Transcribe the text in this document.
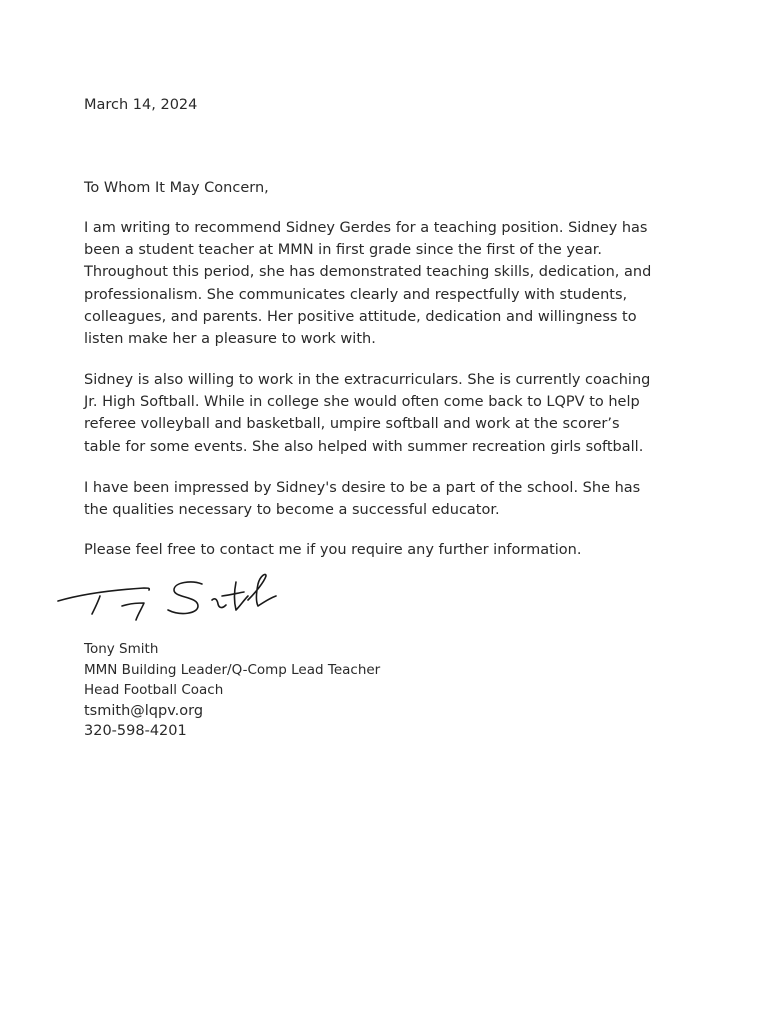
March 14, 2024
To Whom It May Concern,
I am writing to recommend Sidney Gerdes for a teaching position. Sidney has
been a student teacher at MMN in first grade since the first of the year.
Throughout this period, she has demonstrated teaching skills, dedication, and
professionalism. She communicates clearly and respectfully with students,
colleagues, and parents. Her positive attitude, dedication and willingness to
listen make her a pleasure to work with.
Sidney is also willing to work in the extracurriculars. She is currently coaching
Jr. High Softball. While in college she would often come back to LQPV to help
referee volleyball and basketball, umpire softball and work at the scorer’s
table for some events. She also helped with summer recreation girls softball.
I have been impressed by Sidney's desire to be a part of the school. She has
the qualities necessary to become a successful educator.
Please feel free to contact me if you require any further information.
Tony Smith
MMN Building Leader/Q-Comp Lead Teacher
Head Football Coach
tsmith@lqpv.org
320-598-4201
